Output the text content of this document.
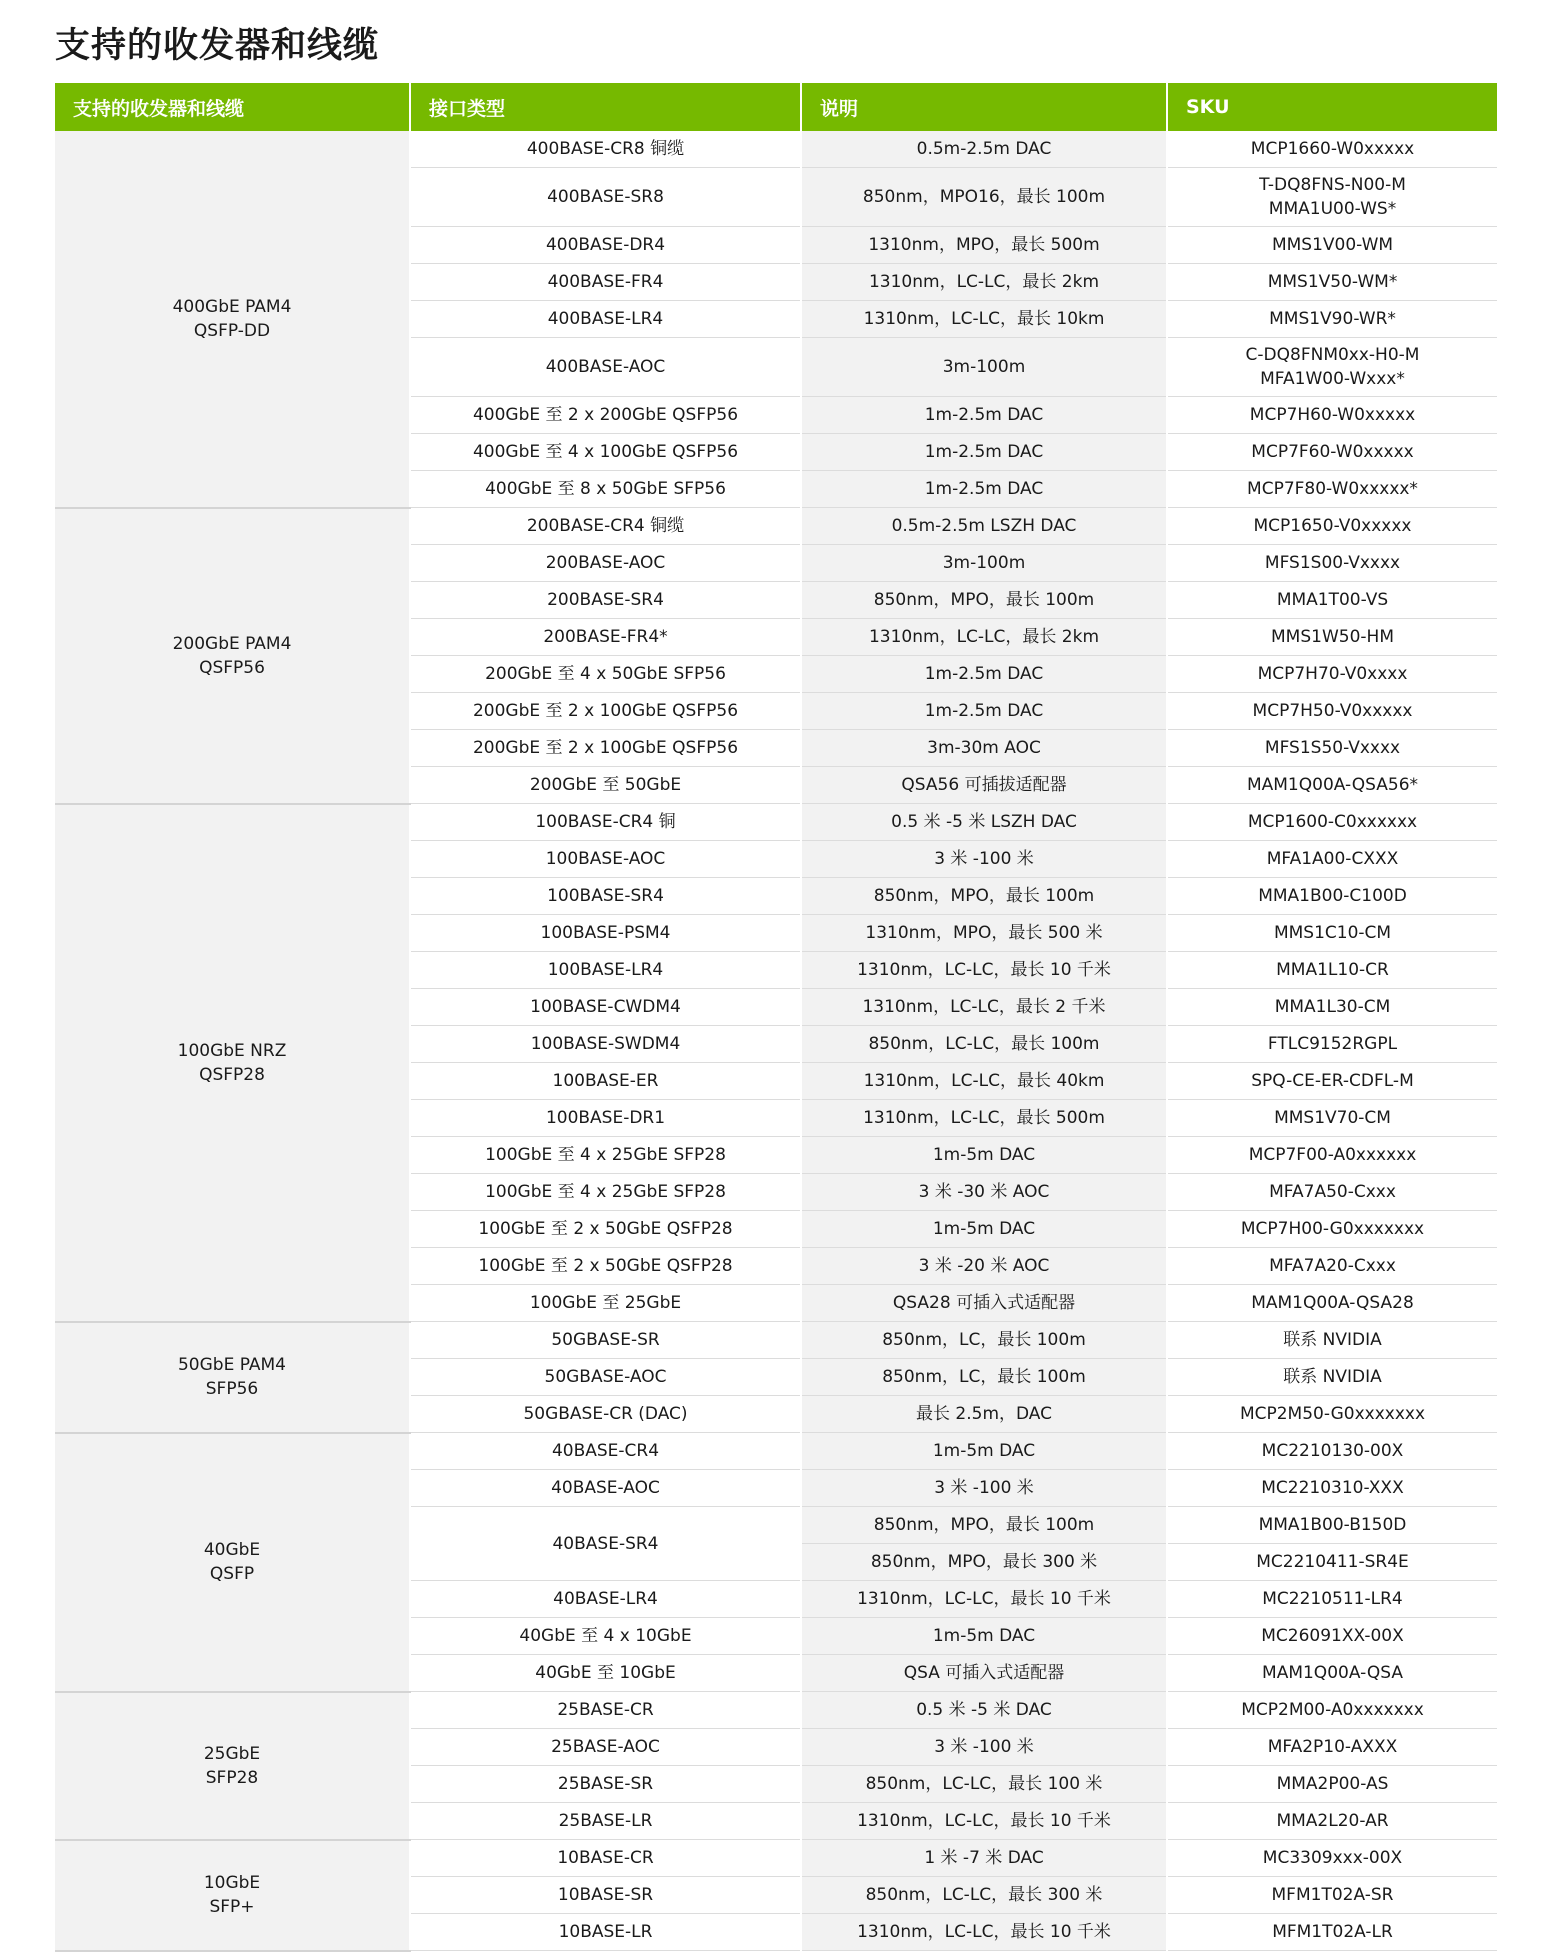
支持的收发器和线缆
支持的收发器和线缆	接口类型	说明	SKU
400GbE PAM4
QSFP-DD	400BASE-CR8 铜缆	0.5m-2.5m DAC	MCP1660-W0xxxxx
	400BASE-SR8	850nm，MPO16，最长 100m	T-DQ8FNS-N00-M
MMA1U00-WS*
	400BASE-DR4	1310nm，MPO，最长 500m	MMS1V00-WM
	400BASE-FR4	1310nm，LC-LC，最长 2km	MMS1V50-WM*
	400BASE-LR4	1310nm，LC-LC，最长 10km	MMS1V90-WR*
	400BASE-AOC	3m-100m	C-DQ8FNM0xx-H0-M
MFA1W00-Wxxx*
	400GbE 至 2 x 200GbE QSFP56	1m-2.5m DAC	MCP7H60-W0xxxxx
	400GbE 至 4 x 100GbE QSFP56	1m-2.5m DAC	MCP7F60-W0xxxxx
	400GbE 至 8 x 50GbE SFP56	1m-2.5m DAC	MCP7F80-W0xxxxx*
200GbE PAM4
QSFP56	200BASE-CR4 铜缆	0.5m-2.5m LSZH DAC	MCP1650-V0xxxxx
	200BASE-AOC	3m-100m	MFS1S00-Vxxxx
	200BASE-SR4	850nm，MPO，最长 100m	MMA1T00-VS
	200BASE-FR4*	1310nm，LC-LC，最长 2km	MMS1W50-HM
	200GbE 至 4 x 50GbE SFP56	1m-2.5m DAC	MCP7H70-V0xxxx
	200GbE 至 2 x 100GbE QSFP56	1m-2.5m DAC	MCP7H50-V0xxxxx
	200GbE 至 2 x 100GbE QSFP56	3m-30m AOC	MFS1S50-Vxxxx
	200GbE 至 50GbE	QSA56 可插拔适配器	MAM1Q00A-QSA56*
100GbE NRZ
QSFP28	100BASE-CR4 铜	0.5 米 -5 米 LSZH DAC	MCP1600-C0xxxxxx
	100BASE-AOC	3 米 -100 米	MFA1A00-CXXX
	100BASE-SR4	850nm，MPO，最长 100m	MMA1B00-C100D
	100BASE-PSM4	1310nm，MPO，最长 500 米	MMS1C10-CM
	100BASE-LR4	1310nm，LC-LC，最长 10 千米	MMA1L10-CR
	100BASE-CWDM4	1310nm，LC-LC，最长 2 千米	MMA1L30-CM
	100BASE-SWDM4	850nm，LC-LC，最长 100m	FTLC9152RGPL
	100BASE-ER	1310nm，LC-LC，最长 40km	SPQ-CE-ER-CDFL-M
	100BASE-DR1	1310nm，LC-LC，最长 500m	MMS1V70-CM
	100GbE 至 4 x 25GbE SFP28	1m-5m DAC	MCP7F00-A0xxxxxx
	100GbE 至 4 x 25GbE SFP28	3 米 -30 米 AOC	MFA7A50-Cxxx
	100GbE 至 2 x 50GbE QSFP28	1m-5m DAC	MCP7H00-G0xxxxxxx
	100GbE 至 2 x 50GbE QSFP28	3 米 -20 米 AOC	MFA7A20-Cxxx
	100GbE 至 25GbE	QSA28 可插入式适配器	MAM1Q00A-QSA28
50GbE PAM4
SFP56	50GBASE-SR	850nm，LC，最长 100m	联系 NVIDIA
	50GBASE-AOC	850nm，LC，最长 100m	联系 NVIDIA
	50GBASE-CR (DAC)	最长 2.5m，DAC	MCP2M50-G0xxxxxxx
40GbE
QSFP	40BASE-CR4	1m-5m DAC	MC2210130-00X
	40BASE-AOC	3 米 -100 米	MC2210310-XXX
	40BASE-SR4	850nm，MPO，最长 100m	MMA1B00-B150D
		850nm，MPO，最长 300 米	MC2210411-SR4E
	40BASE-LR4	1310nm，LC-LC，最长 10 千米	MC2210511-LR4
	40GbE 至 4 x 10GbE	1m-5m DAC	MC26091XX-00X
	40GbE 至 10GbE	QSA 可插入式适配器	MAM1Q00A-QSA
25GbE
SFP28	25BASE-CR	0.5 米 -5 米 DAC	MCP2M00-A0xxxxxxx
	25BASE-AOC	3 米 -100 米	MFA2P10-AXXX
	25BASE-SR	850nm，LC-LC，最长 100 米	MMA2P00-AS
	25BASE-LR	1310nm，LC-LC，最长 10 千米	MMA2L20-AR
10GbE
SFP+	10BASE-CR	1 米 -7 米 DAC	MC3309xxx-00X
	10BASE-SR	850nm，LC-LC，最长 300 米	MFM1T02A-SR
	10BASE-LR	1310nm，LC-LC，最长 10 千米	MFM1T02A-LR
